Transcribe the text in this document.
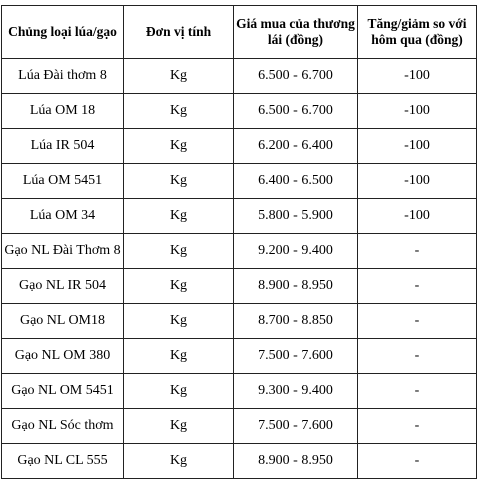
Chủng loại lúa/gạo	Đơn vị tính	Giá mua của thương lái (đồng)	Tăng/giảm so với hôm qua (đồng)
Lúa Đài thơm 8	Kg	6.500 - 6.700	-100
Lúa OM 18	Kg	6.500 - 6.700	-100
Lúa IR 504	Kg	6.200 - 6.400	-100
Lúa OM 5451	Kg	6.400 - 6.500	-100
Lúa OM 34	Kg	5.800 - 5.900	-100
Gạo NL Đài Thơm 8	Kg	9.200 - 9.400	-
Gạo NL IR 504	Kg	8.900 - 8.950	-
Gạo NL OM18	Kg	8.700 - 8.850	-
Gạo NL OM 380	Kg	7.500 - 7.600	-
Gạo NL OM 5451	Kg	9.300 - 9.400	-
Gạo NL Sóc thơm	Kg	7.500 - 7.600	-
Gạo NL CL 555	Kg	8.900 - 8.950	-
